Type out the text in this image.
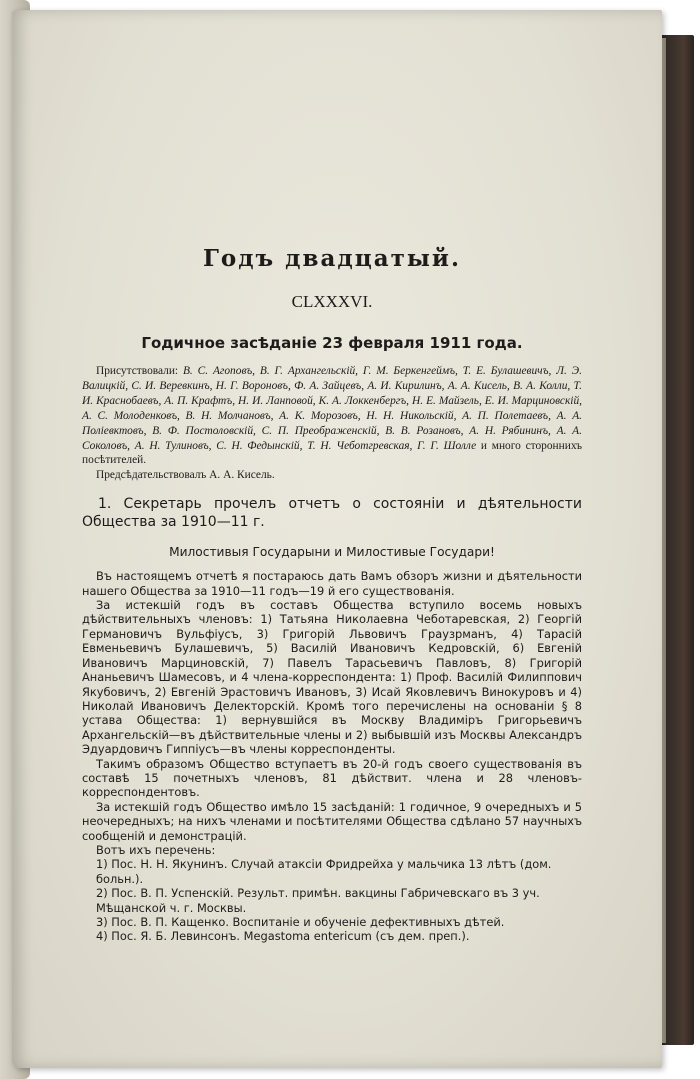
Годъ двадцатый.
CLXXXVI.
Годичное засѣданіе 23 февраля 1911 года.

Присутствовали: В. С. Агоповъ, В. Г. Архангельскій, Г. М. Беркенгеймъ, Т. Е. Булашевичъ, Л. Э. Валицкій, С. И. Веревкинъ, Н. Г. Вороновъ, Ф. А. Зайцевъ, А. И. Кирилинъ, А. А. Кисель, В. А. Колли, Т. И. Краснобаевъ, А. П. Крафтъ, Н. И. Ланповой, К. А. Локкенбергъ, Н. Е. Майзель, Е. И. Марциновскій, А. С. Молоденковъ, В. Н. Молчановъ, А. К. Морозовъ, Н. Н. Никольскій, А. П. Полетаевъ, А. А. Поліевктовъ, В. Ф. Постоловскій, С. П. Преображенскій, В. В. Розановъ, А. Н. Рябининъ, А. А. Соколовъ, А. Н. Тулиновъ, С. Н. Федынскій, Т. Н. Чеботгревская, Г. Г. Шолле и много стороннихъ посѣтителей.

Предсѣдательствовалъ А. А. Кисель.

1. Секретарь прочелъ отчетъ о состояніи и дѣятельности Общества за 1910—11 г.

Милостивыя Государыни и Милостивые Государи!

Въ настоящемъ отчетѣ я постараюсь дать Вамъ обзоръ жизни и дѣятельности нашего Общества за 1910—11 годъ—19 й его существованія.

За истекшій годъ въ составъ Общества вступило восемь новыхъ дѣйствительныхъ членовъ: 1) Татьяна Николаевна Чеботаревская, 2) Георгій Германовичъ Вульфіусъ, 3) Григорій Львовичъ Граузрманъ, 4) Тарасій Евменьевичъ Булашевичъ, 5) Василій Ивановичъ Кедровскій, 6) Евгеній Ивановичъ Марциновскій, 7) Павелъ Тарасьевичъ Павловъ, 8) Григорій Ананьевичъ Шамесовъ, и 4 члена-корреспондента: 1) Проф. Василій Филиппович Якубовичъ, 2) Евгеній Эрастовичъ Ивановъ, 3) Исай Яковлевичъ Винокуровъ и 4) Николай Ивановичъ Делекторскій. Кромѣ того перечислены на основаніи § 8 устава Общества: 1) вернувшійся въ Москву Владиміръ Григорьевичъ Архангельскій—въ дѣйствительные члены и 2) выбывшій изъ Москвы Александръ Эдуардовичъ Гиппіусъ—въ члены корреспонденты.

Такимъ образомъ Общество вступаетъ въ 20-й годъ своего существованія въ составѣ 15 почетныхъ членовъ, 81 дѣйствит. члена и 28 членовъ-корреспондентовъ.

За истекшій годъ Общество имѣло 15 засѣданій: 1 годичное, 9 очередныхъ и 5 неочередныхъ; на нихъ членами и посѣтителями Общества сдѣлано 57 научныхъ сообщеній и демонстрацій.

Вотъ ихъ перечень:

1) Пос. Н. Н. Якунинъ. Случай атаксіи Фридрейха у мальчика 13 лѣтъ (дом. больн.).

2) Пос. В. П. Успенскій. Результ. примѣн. вакцины Габричевскаго въ 3 уч. Мѣщанской ч. г. Москвы.

3) Пос. В. П. Кащенко. Воспитаніе и обученіе дефективныхъ дѣтей.

4) Пос. Я. Б. Левинсонъ. Megastoma entericum (съ дем. преп.).
